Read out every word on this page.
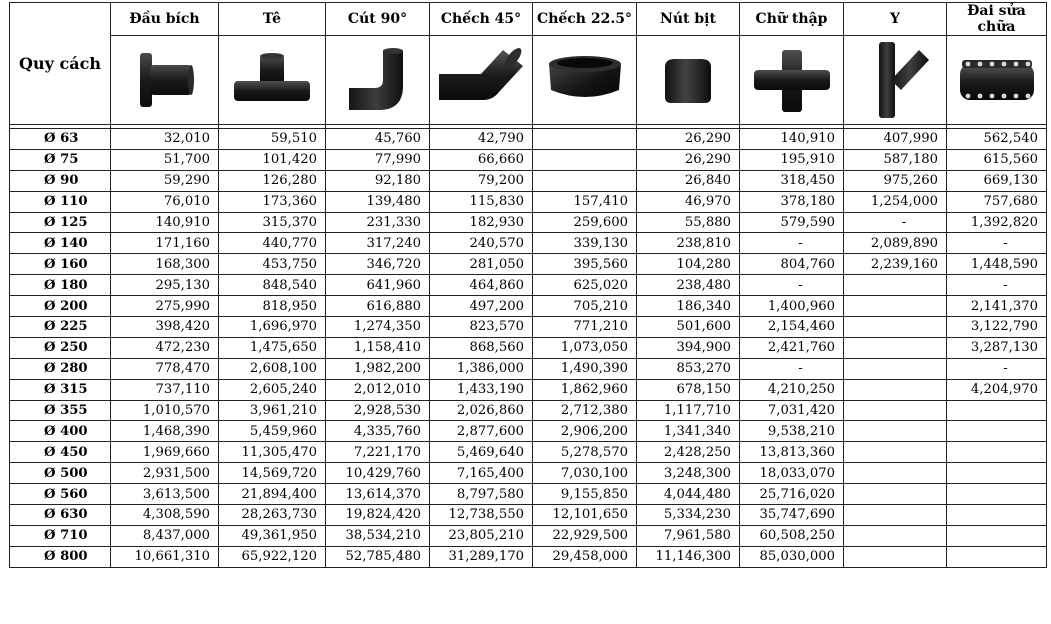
Quy cách	Đầu bích	Tê	Cút 90°	Chếch 45°	Chếch 22.5°	Nút bịt	Chữ thập	Y	Đai sửa chữa

Ø 63	32,010	59,510	45,760	42,790		26,290	140,910	407,990	562,540
Ø 75	51,700	101,420	77,990	66,660		26,290	195,910	587,180	615,560
Ø 90	59,290	126,280	92,180	79,200		26,840	318,450	975,260	669,130
Ø 110	76,010	173,360	139,480	115,830	157,410	46,970	378,180	1,254,000	757,680
Ø 125	140,910	315,370	231,330	182,930	259,600	55,880	579,590	-	1,392,820
Ø 140	171,160	440,770	317,240	240,570	339,130	238,810	-	2,089,890	-
Ø 160	168,300	453,750	346,720	281,050	395,560	104,280	804,760	2,239,160	1,448,590
Ø 180	295,130	848,540	641,960	464,860	625,020	238,480	-		-
Ø 200	275,990	818,950	616,880	497,200	705,210	186,340	1,400,960		2,141,370
Ø 225	398,420	1,696,970	1,274,350	823,570	771,210	501,600	2,154,460		3,122,790
Ø 250	472,230	1,475,650	1,158,410	868,560	1,073,050	394,900	2,421,760		3,287,130
Ø 280	778,470	2,608,100	1,982,200	1,386,000	1,490,390	853,270	-		-
Ø 315	737,110	2,605,240	2,012,010	1,433,190	1,862,960	678,150	4,210,250		4,204,970
Ø 355	1,010,570	3,961,210	2,928,530	2,026,860	2,712,380	1,117,710	7,031,420		
Ø 400	1,468,390	5,459,960	4,335,760	2,877,600	2,906,200	1,341,340	9,538,210		
Ø 450	1,969,660	11,305,470	7,221,170	5,469,640	5,278,570	2,428,250	13,813,360		
Ø 500	2,931,500	14,569,720	10,429,760	7,165,400	7,030,100	3,248,300	18,033,070		
Ø 560	3,613,500	21,894,400	13,614,370	8,797,580	9,155,850	4,044,480	25,716,020		
Ø 630	4,308,590	28,263,730	19,824,420	12,738,550	12,101,650	5,334,230	35,747,690		
Ø 710	8,437,000	49,361,950	38,534,210	23,805,210	22,929,500	7,961,580	60,508,250		
Ø 800	10,661,310	65,922,120	52,785,480	31,289,170	29,458,000	11,146,300	85,030,000		
